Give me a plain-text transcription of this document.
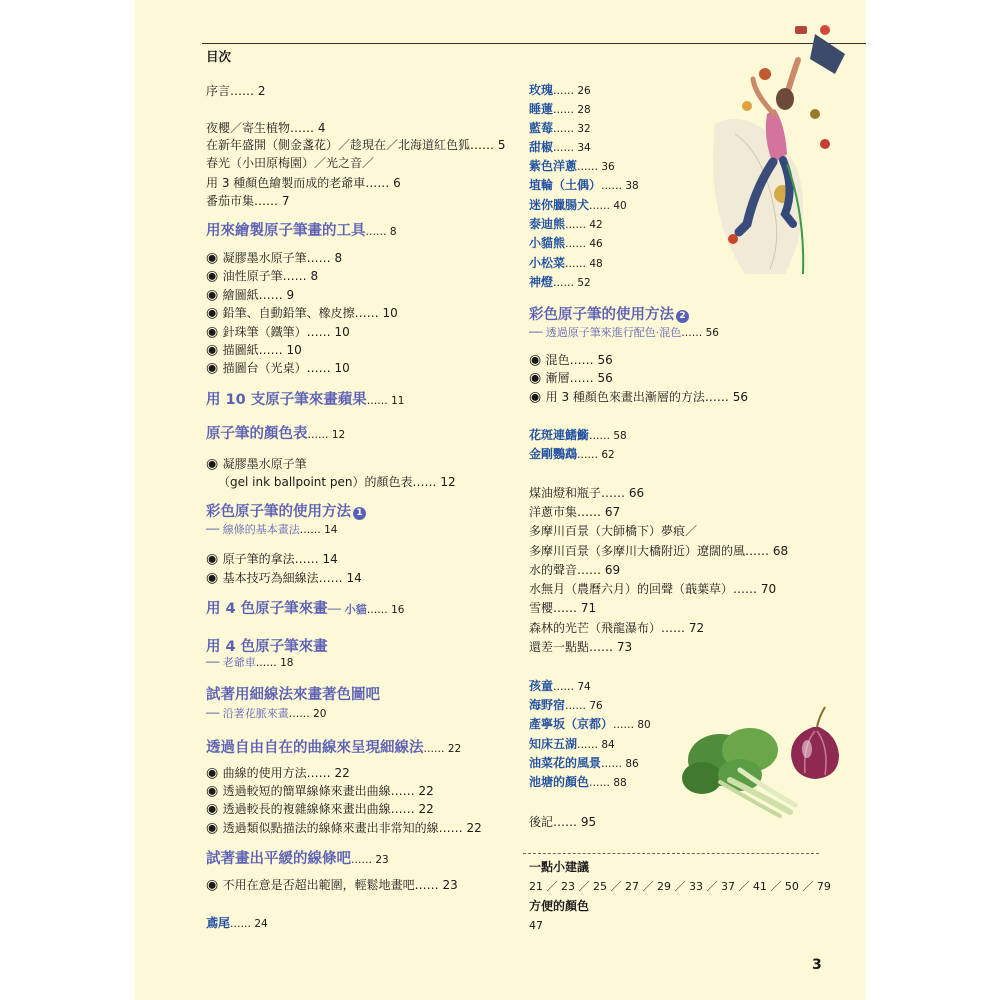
目次
序言…… 2
夜櫻／寄生植物…… 4
在新年盛開（側金盞花）／趁現在／北海道紅色狐…… 5
春光（小田原梅園）／光之音／
用 3 種顏色繪製而成的老爺車…… 6
番茄市集…… 7
用來繪製原子筆畫的工具…… 8
◉ 凝膠墨水原子筆…… 8
◉ 油性原子筆…… 8
◉ 繪圖紙…… 9
◉ 鉛筆、自動鉛筆、橡皮擦…… 10
◉ 針珠筆（鐵筆）…… 10
◉ 描圖紙…… 10
◉ 描圖台（光桌）…… 10
用 10 支原子筆來畫蘋果…… 11
原子筆的顏色表…… 12
◉ 凝膠墨水原子筆
（gel ink ballpoint pen）的顏色表…… 12
彩色原子筆的使用方法 1
── 線條的基本畫法…… 14
◉ 原子筆的拿法…… 14
◉ 基本技巧為細線法…… 14
用 4 色原子筆來畫── 小貓…… 16
用 4 色原子筆來畫
── 老爺車…… 18
試著用細線法來畫著色圖吧
── 沿著花脈來畫…… 20
透過自由自在的曲線來呈現細線法…… 22
◉ 曲線的使用方法…… 22
◉ 透過較短的簡單線條來畫出曲線…… 22
◉ 透過較長的複雜線條來畫出曲線…… 22
◉ 透過類似點描法的線條來畫出非常知的線…… 22
試著畫出平緩的線條吧…… 23
◉ 不用在意是否超出範圍，輕鬆地畫吧…… 23
鳶尾…… 24
玫瑰…… 26
睡蓮…… 28
藍莓…… 32
甜椒…… 34
紫色洋蔥…… 36
埴輪（土偶）…… 38
迷你臘腸犬…… 40
泰迪熊…… 42
小貓熊…… 46
小松菜…… 48
神燈…… 52
彩色原子筆的使用方法 2
── 透過原子筆來進行配色‧混色…… 56
◉ 混色…… 56
◉ 漸層…… 56
◉ 用 3 種顏色來畫出漸層的方法…… 56
花斑連鰭䲗…… 58
金剛鸚鵡…… 62
煤油燈和瓶子…… 66
洋蔥市集…… 67
多摩川百景（大師橋下）夢痕／
多摩川百景（多摩川大橋附近）遼闊的風…… 68
水的聲音…… 69
水無月（農曆六月）的回聲（蕺葉草）…… 70
雪櫻…… 71
森林的光芒（飛龍瀑布）…… 72
還差一點點…… 73
孩童…… 74
海野宿…… 76
產寧坂（京都）…… 80
知床五湖…… 84
油菜花的風景…… 86
池塘的顏色…… 88
後記…… 95
一點小建議
21 ／ 23 ／ 25 ／ 27 ／ 29 ／ 33 ／ 37 ／ 41 ／ 50 ／ 79
方便的顏色
47
3
